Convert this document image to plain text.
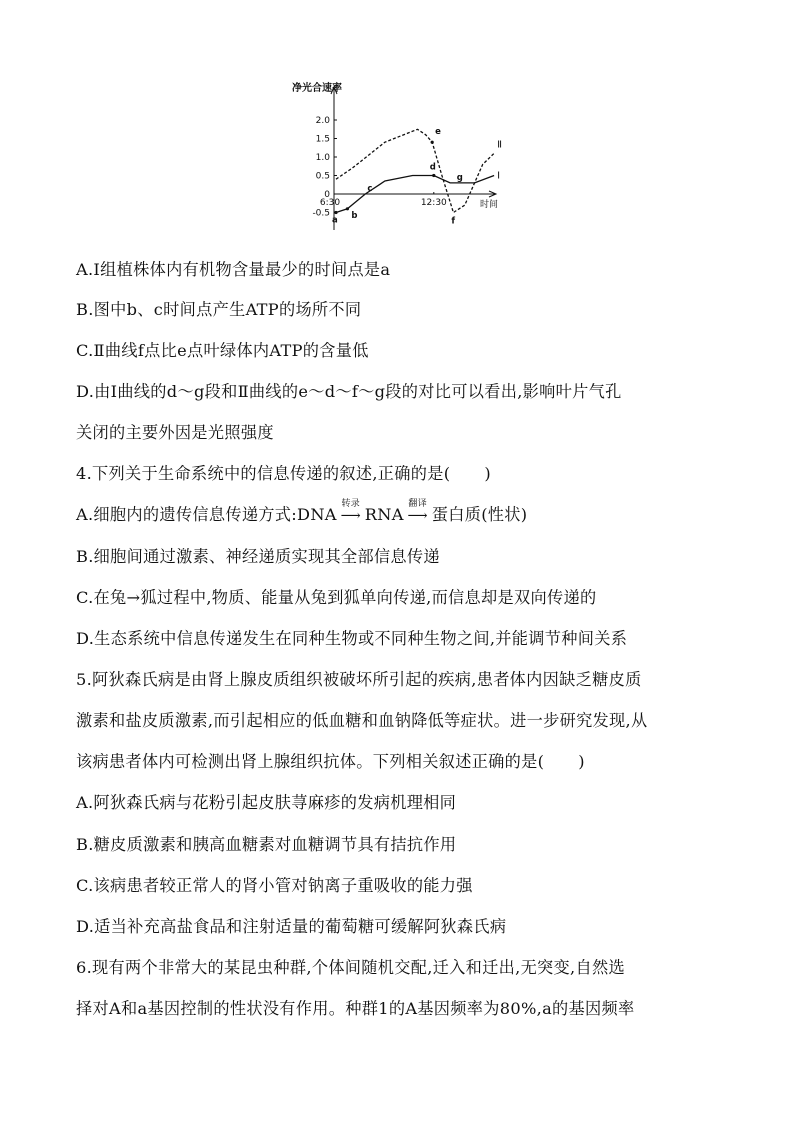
净光合速率
时间
2.0
1.5
1.0
0.5
0
-0.5
6:30	12:30
Ⅰ
Ⅱ
a b
c
d
e
f
g
A.Ⅰ组植株体内有机物含量最少的时间点是a
B.图中b、c时间点产生ATP的场所不同
C.Ⅱ曲线f点比e点叶绿体内ATP的含量低
D.由Ⅰ曲线的d～g段和Ⅱ曲线的e～d～f～g段的对比可以看出,影响叶片气孔
关闭的主要外因是光照强度
4.下列关于生命系统中的信息传递的叙述,正确的是( )
A.细胞内的遗传信息传递方式:DNA
转录
⟶ RNA
翻译
⟶ 蛋白质(性状)
B.细胞间通过激素、神经递质实现其全部信息传递
C.在兔→狐过程中,物质、能量从兔到狐单向传递,而信息却是双向传递的
D.生态系统中信息传递发生在同种生物或不同种生物之间,并能调节种间关系
5.阿狄森氏病是由肾上腺皮质组织被破坏所引起的疾病,患者体内因缺乏糖皮质
激素和盐皮质激素,而引起相应的低血糖和血钠降低等症状。进一步研究发现,从
该病患者体内可检测出肾上腺组织抗体。下列相关叙述正确的是( )
A.阿狄森氏病与花粉引起皮肤荨麻疹的发病机理相同
B.糖皮质激素和胰高血糖素对血糖调节具有拮抗作用
C.该病患者较正常人的肾小管对钠离子重吸收的能力强
D.适当补充高盐食品和注射适量的葡萄糖可缓解阿狄森氏病
6.现有两个非常大的某昆虫种群,个体间随机交配,迁入和迁出,无突变,自然选
择对A和a基因控制的性状没有作用。种群1的A基因频率为80%,a的基因频率
